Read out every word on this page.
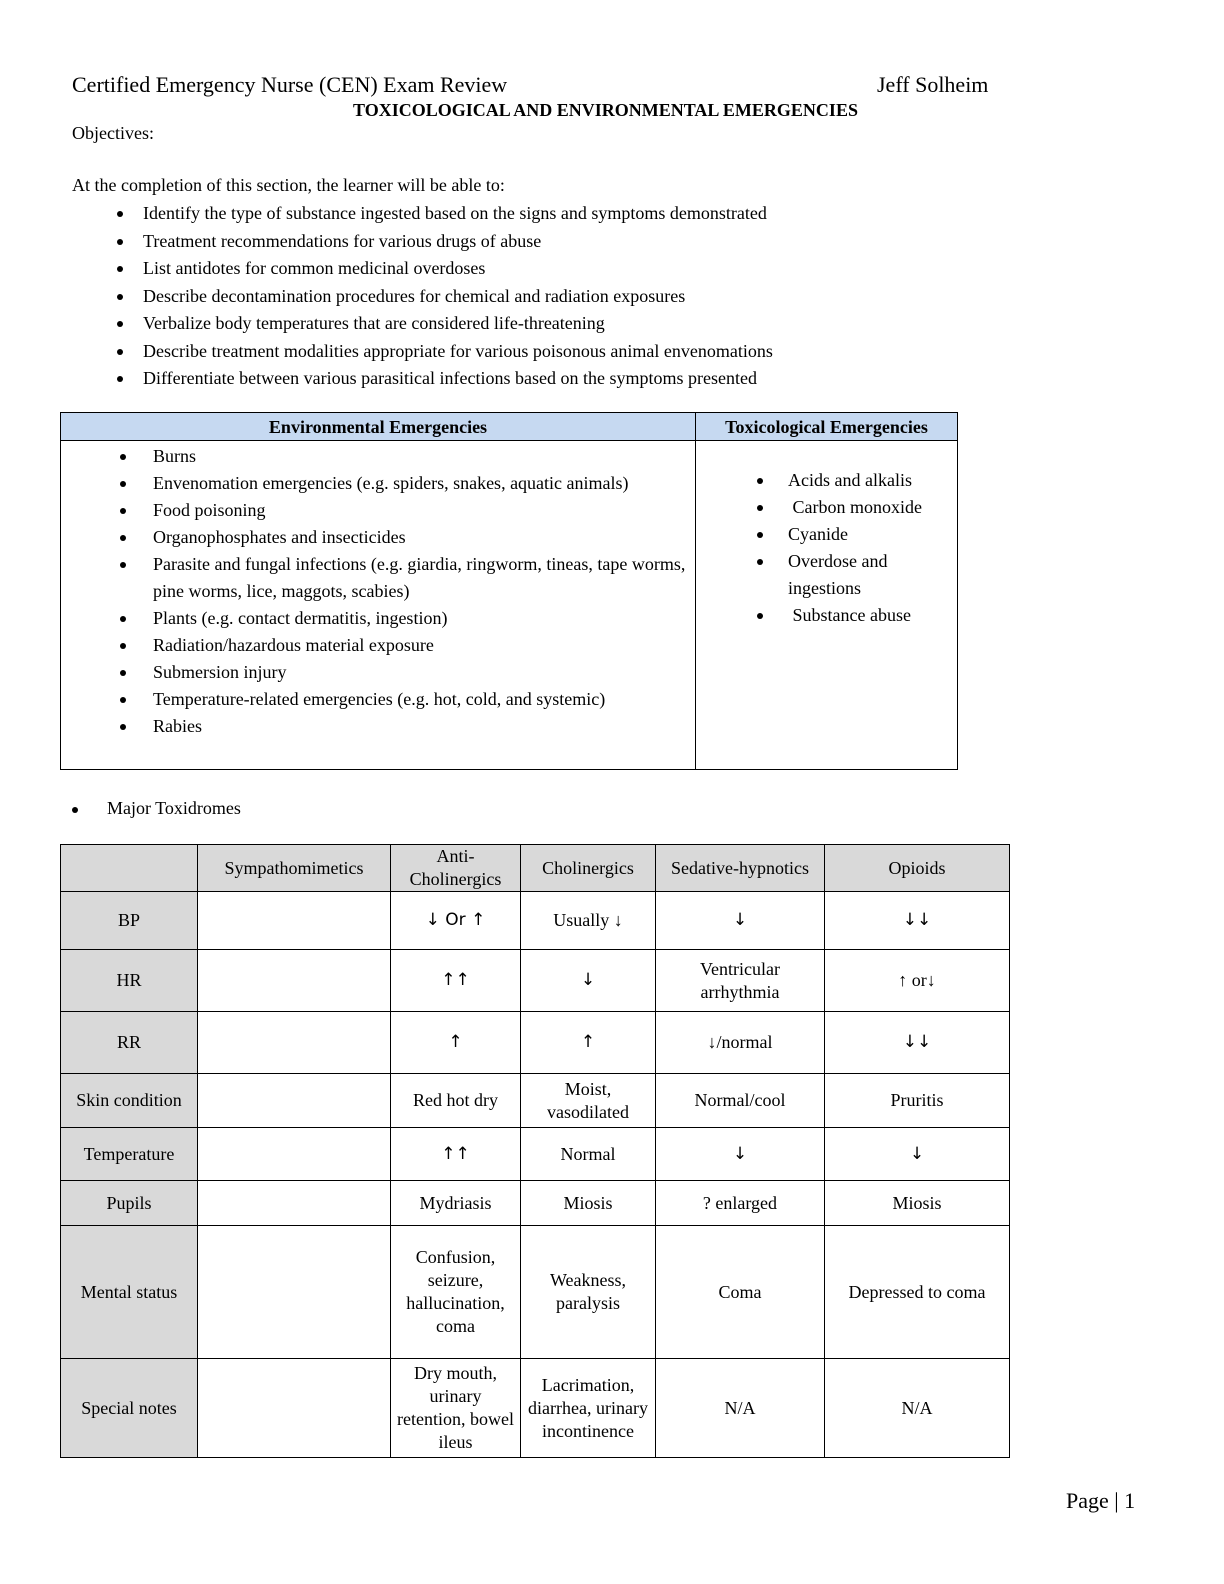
Certified Emergency Nurse (CEN) Exam Review	Jeff Solheim
TOXICOLOGICAL AND ENVIRONMENTAL EMERGENCIES
Objectives:
At the completion of this section, the learner will be able to:
Identify the type of substance ingested based on the signs and symptoms demonstrated
Treatment recommendations for various drugs of abuse
List antidotes for common medicinal overdoses
Describe decontamination procedures for chemical and radiation exposures
Verbalize body temperatures that are considered life-threatening
Describe treatment modalities appropriate for various poisonous animal envenomations
Differentiate between various parasitical infections based on the symptoms presented
Environmental Emergencies	Toxicological Emergencies
Burns
Envenomation emergencies (e.g. spiders, snakes, aquatic animals)
Food poisoning
Organophosphates and insecticides
Parasite and fungal infections (e.g. giardia, ringworm, tineas, tape worms, pine worms, lice, maggots, scabies)
Plants (e.g. contact dermatitis, ingestion)
Radiation/hazardous material exposure
Submersion injury
Temperature-related emergencies (e.g. hot, cold, and systemic)
Rabies
Acids and alkalis
Carbon monoxide
Cyanide
Overdose and ingestions
Substance abuse
Major Toxidromes
	Sympathomimetics	Anti-Cholinergics	Cholinergics	Sedative-hypnotics	Opioids
BP		↓ Or ↑	Usually ↓	↓	↓↓
HR		↑↑	↓	Ventricular arrhythmia	↑ or↓
RR		↑	↑	↓/normal	↓↓
Skin condition		Red hot dry	Moist, vasodilated	Normal/cool	Pruritis
Temperature		↑↑	Normal	↓	↓
Pupils		Mydriasis	Miosis	? enlarged	Miosis
Mental status		Confusion, seizure, hallucination, coma	Weakness, paralysis	Coma	Depressed to coma
Special notes		Dry mouth, urinary retention, bowel ileus	Lacrimation, diarrhea, urinary incontinence	N/A	N/A
Page | 1
